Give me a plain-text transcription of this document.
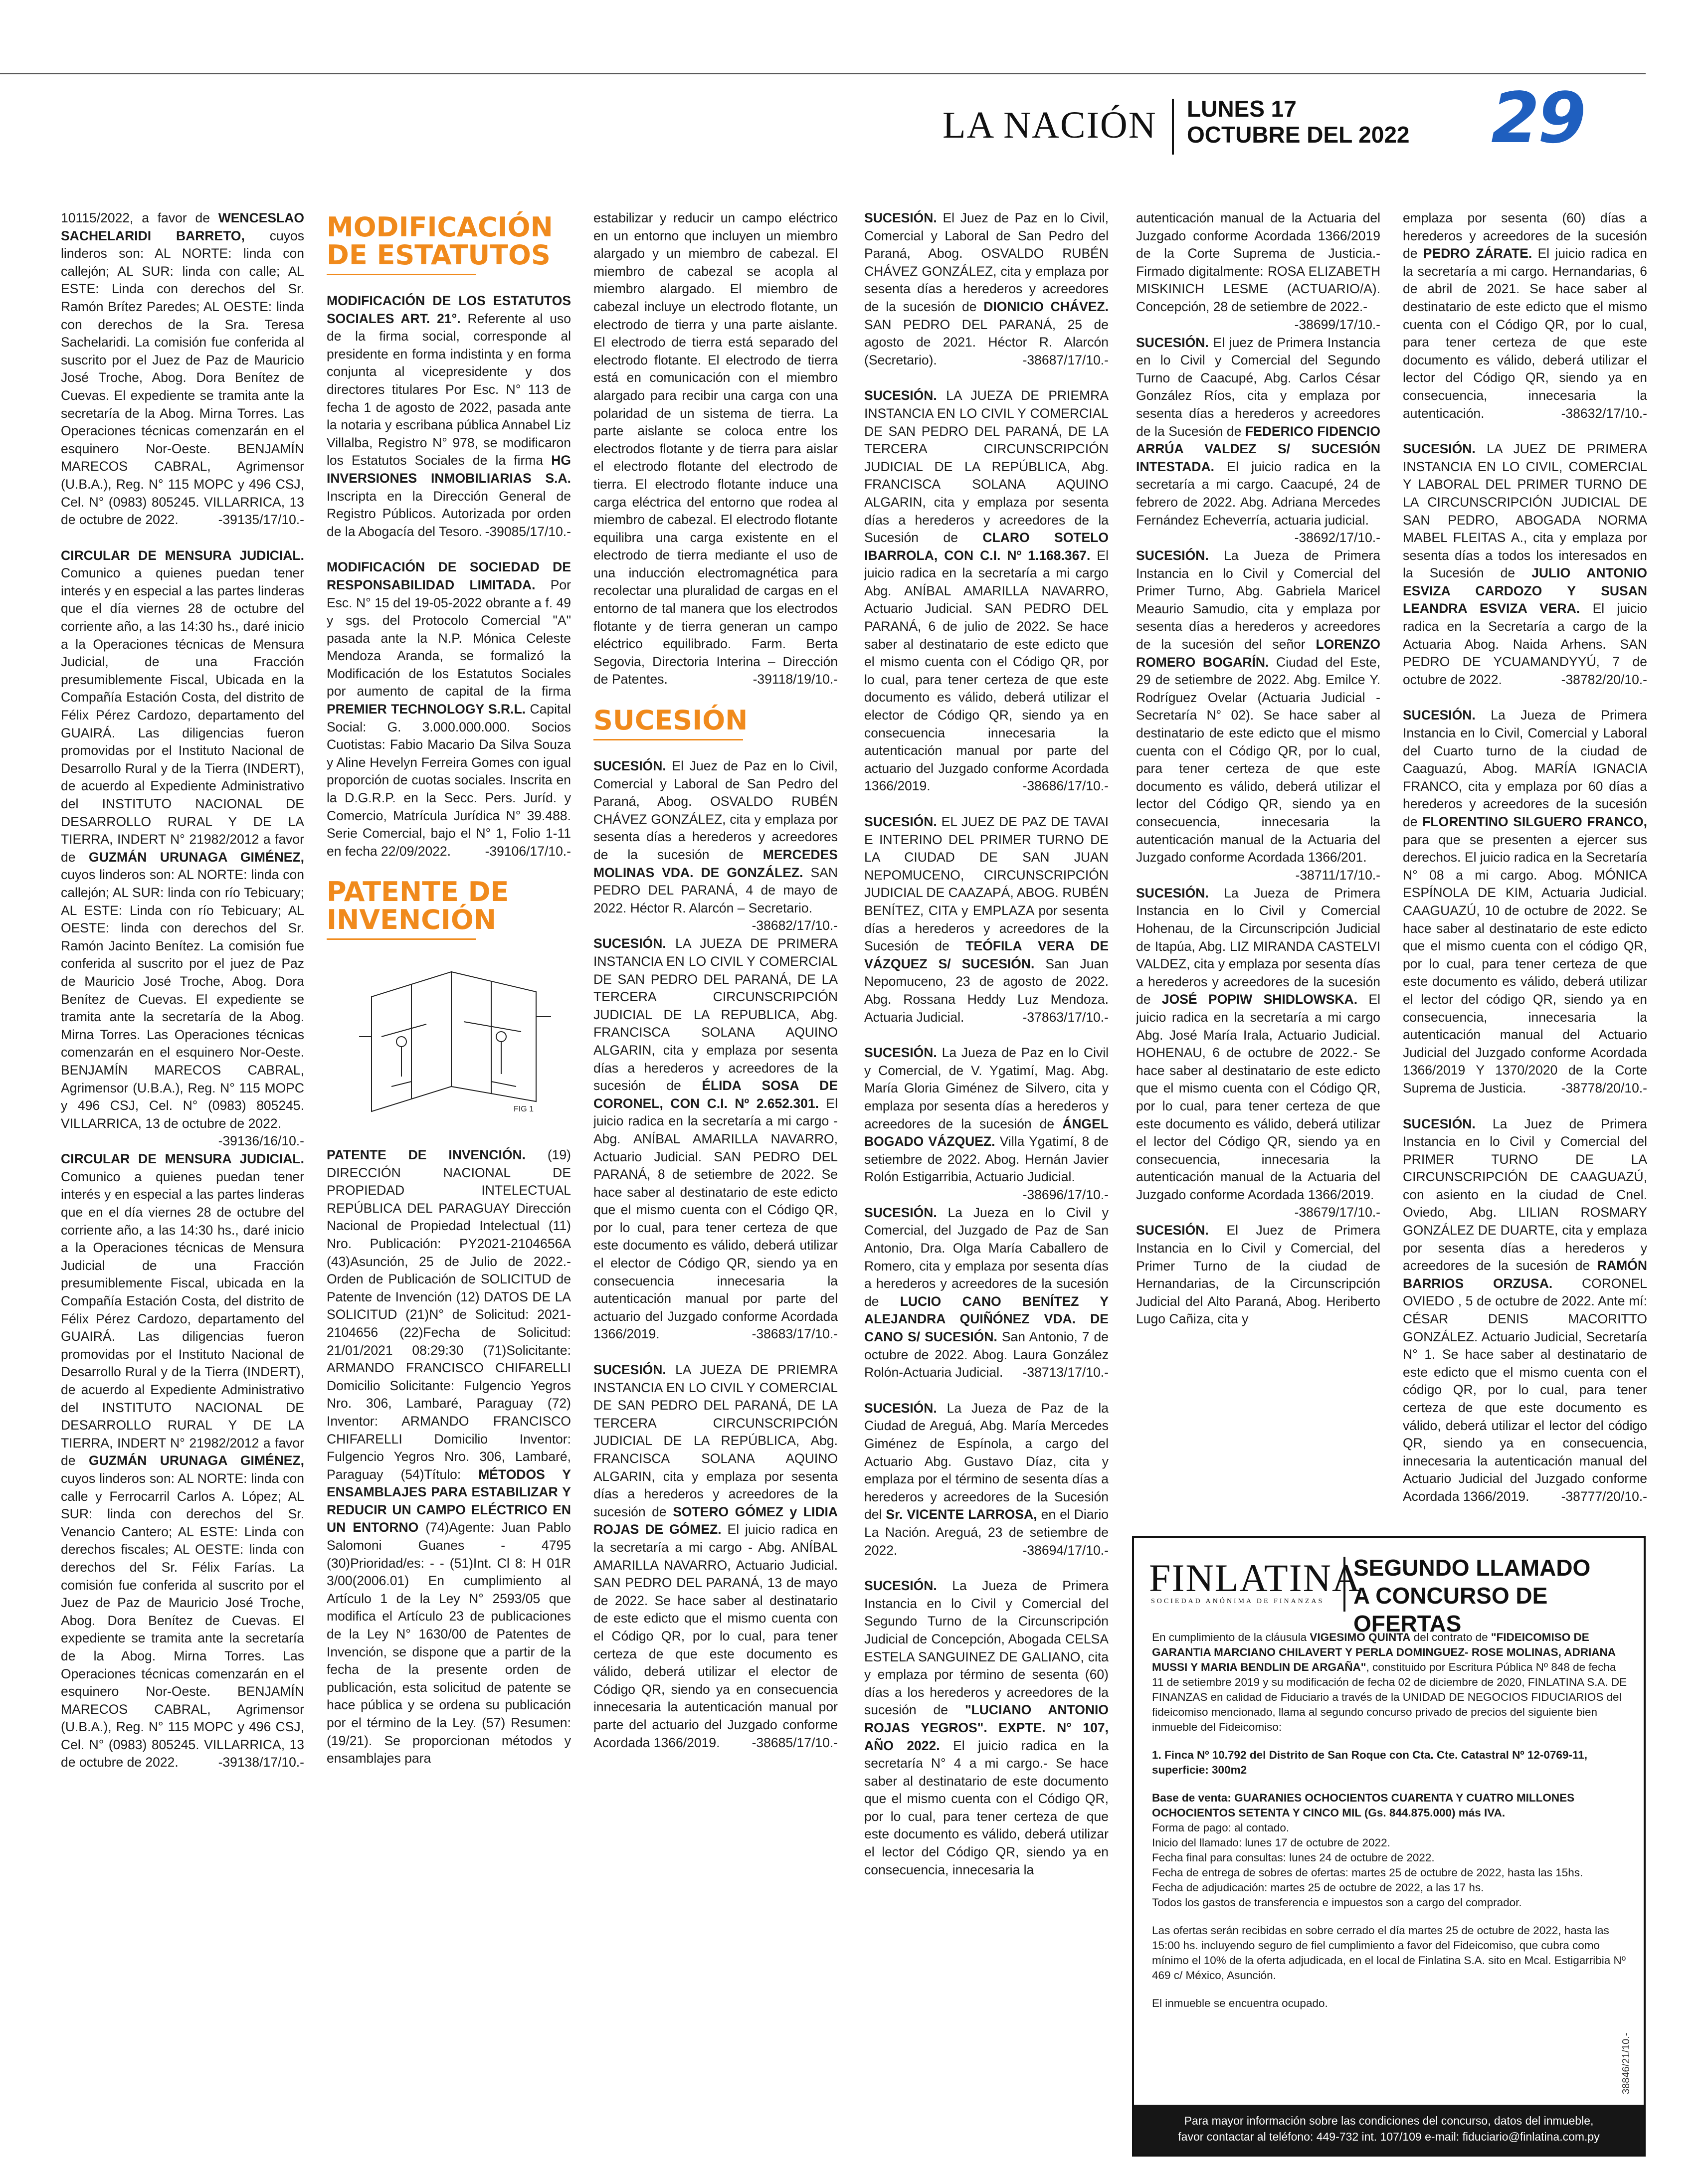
LA NACIÓN LUNES 17
OCTUBRE DEL 2022 29

10115/2022, a favor de WENCESLAO SACHELARIDI BARRETO, cuyos linderos son: AL NORTE: linda con callejón; AL SUR: linda con calle; AL ESTE: Linda con derechos del Sr. Ramón Brítez Paredes; AL OESTE: linda con derechos de la Sra. Teresa Sachelaridi. La comisión fue conferida al suscrito por el Juez de Paz de Mauricio José Troche, Abog. Dora Benítez de Cuevas. El expediente se tramita ante la secretaría de la Abog. Mirna Torres. Las Operaciones técnicas comenzarán en el esquinero Nor-Oeste. BENJAMÍN MARECOS CABRAL, Agrimensor (U.B.A.), Reg. N° 115 MOPC y 496 CSJ, Cel. N° (0983) 805245. VILLARRICA, 13 de octubre de 2022.	-39135/17/10.-

CIRCULAR DE MENSURA JUDICIAL. Comunico a quienes puedan tener interés y en especial a las partes linderas que el día viernes 28 de octubre del corriente año, a las 14:30 hs., daré inicio a la Operaciones técnicas de Mensura Judicial, de una Fracción presumiblemente Fiscal, Ubicada en la Compañía Estación Costa, del distrito de Félix Pérez Cardozo, departamento del GUAIRÁ. Las diligencias fueron promovidas por el Instituto Nacional de Desarrollo Rural y de la Tierra (INDERT), de acuerdo al Expediente Administrativo del INSTITUTO NACIONAL DE DESARROLLO RURAL Y DE LA TIERRA, INDERT N° 21982/2012 a favor de GUZMÁN URUNAGA GIMÉNEZ, cuyos linderos son: AL NORTE: linda con callejón; AL SUR: linda con río Tebicuary; AL ESTE: Linda con río Tebicuary; AL OESTE: linda con derechos del Sr. Ramón Jacinto Benítez. La comisión fue conferida al suscrito por el juez de Paz de Mauricio José Troche, Abog. Dora Benítez de Cuevas. El expediente se tramita ante la secretaría de la Abog. Mirna Torres. Las Operaciones técnicas comenzarán en el esquinero Nor-Oeste. BENJAMÍN MARECOS CABRAL, Agrimensor (U.B.A.), Reg. N° 115 MOPC y 496 CSJ, Cel. N° (0983) 805245. VILLARRICA, 13 de octubre de 2022.
-39136/16/10.-

CIRCULAR DE MENSURA JUDICIAL. Comunico a quienes puedan tener interés y en especial a las partes linderas que en el día viernes 28 de octubre del corriente año, a las 14:30 hs., daré inicio a la Operaciones técnicas de Mensura Judicial de una Fracción presumiblemente Fiscal, ubicada en la Compañía Estación Costa, del distrito de Félix Pérez Cardozo, departamento del GUAIRÁ. Las diligencias fueron promovidas por el Instituto Nacional de Desarrollo Rural y de la Tierra (INDERT), de acuerdo al Expediente Administrativo del INSTITUTO NACIONAL DE DESARROLLO RURAL Y DE LA TIERRA, INDERT N° 21982/2012 a favor de GUZMÁN URUNAGA GIMÉNEZ, cuyos linderos son: AL NORTE: linda con calle y Ferrocarril Carlos A. López; AL SUR: linda con derechos del Sr. Venancio Cantero; AL ESTE: Linda con derechos fiscales; AL OESTE: linda con derechos del Sr. Félix Farías. La comisión fue conferida al suscrito por el Juez de Paz de Mauricio José Troche, Abog. Dora Benítez de Cuevas. El expediente se tramita ante la secretaría de la Abog. Mirna Torres. Las Operaciones técnicas comenzarán en el esquinero Nor-Oeste. BENJAMÍN MARECOS CABRAL, Agrimensor (U.B.A.), Reg. N° 115 MOPC y 496 CSJ, Cel. N° (0983) 805245. VILLARRICA, 13 de octubre de 2022.	-39138/17/10.-

MODIFICACIÓN
DE ESTATUTOS

MODIFICACIÓN DE LOS ESTATUTOS SOCIALES ART. 21°. Referente al uso de la firma social, corresponde al presidente en forma indistinta y en forma conjunta al vicepresidente y dos directores titulares Por Esc. N° 113 de fecha 1 de agosto de 2022, pasada ante la notaria y escribana pública Annabel Liz Villalba, Registro N° 978, se modificaron los Estatutos Sociales de la firma HG INVERSIONES INMOBILIARIAS S.A. Inscripta en la Dirección General de Registro Públicos. Autorizada por orden de la Abogacía del Tesoro. -39085/17/10.-

MODIFICACIÓN DE SOCIEDAD DE RESPONSABILIDAD LIMITADA. Por Esc. N° 15 del 19-05-2022 obrante a f. 49 y sgs. del Protocolo Comercial "A" pasada ante la N.P. Mónica Celeste Mendoza Aranda, se formalizó la Modificación de los Estatutos Sociales por aumento de capital de la firma PREMIER TECHNOLOGY S.R.L. Capital Social: G. 3.000.000.000. Socios Cuotistas: Fabio Macario Da Silva Souza y Aline Hevelyn Ferreira Gomes con igual proporción de cuotas sociales. Inscrita en la D.G.R.P. en la Secc. Pers. Juríd. y Comercio, Matrícula Jurídica N° 39.488. Serie Comercial, bajo el N° 1, Folio 1-11 en fecha 22/09/2022.	-39106/17/10.-

PATENTE DE
INVENCIÓN
FIG 1

PATENTE DE INVENCIÓN. (19) DIRECCIÓN NACIONAL DE PROPIEDAD INTELECTUAL REPÚBLICA DEL PARAGUAY Dirección Nacional de Propiedad Intelectual (11) Nro. Publicación: PY2021-2104656A (43)Asunción, 25 de Julio de 2022.- Orden de Publicación de SOLICITUD de Patente de Invención (12) DATOS DE LA SOLICITUD (21)N° de Solicitud: 2021-2104656 (22)Fecha de Solicitud: 21/01/2021 08:29:30 (71)Solicitante: ARMANDO FRANCISCO CHIFARELLI Domicilio Solicitante: Fulgencio Yegros Nro. 306, Lambaré, Paraguay (72) Inventor: ARMANDO FRANCISCO CHIFARELLI Domicilio Inventor: Fulgencio Yegros Nro. 306, Lambaré, Paraguay (54)Título: MÉTODOS Y ENSAMBLAJES PARA ESTABILIZAR Y REDUCIR UN CAMPO ELÉCTRICO EN UN ENTORNO (74)Agente: Juan Pablo Salomoni Guanes - 4795 (30)Prioridad/es: - - (51)Int. Cl 8: H 01R 3/00(2006.01) En cumplimiento al Artículo 1 de la Ley N° 2593/05 que modifica el Artículo 23 de publicaciones de la Ley N° 1630/00 de Patentes de Invención, se dispone que a partir de la fecha de la presente orden de publicación, esta solicitud de patente se hace pública y se ordena su publicación por el término de la Ley. (57) Resumen: (19/21). Se proporcionan métodos y ensamblajes para

estabilizar y reducir un campo eléctrico en un entorno que incluyen un miembro alargado y un miembro de cabezal. El miembro de cabezal se acopla al miembro alargado. El miembro de cabezal incluye un electrodo flotante, un electrodo de tierra y una parte aislante. El electrodo de tierra está separado del electrodo flotante. El electrodo de tierra está en comunicación con el miembro alargado para recibir una carga con una polaridad de un sistema de tierra. La parte aislante se coloca entre los electrodos flotante y de tierra para aislar el electrodo flotante del electrodo de tierra. El electrodo flotante induce una carga eléctrica del entorno que rodea al miembro de cabezal. El electrodo flotante equilibra una carga existente en el electrodo de tierra mediante el uso de una inducción electromagnética para recolectar una pluralidad de cargas en el entorno de tal manera que los electrodos flotante y de tierra generan un campo eléctrico equilibrado. Farm. Berta Segovia, Directoria Interina – Dirección de Patentes.	-39118/19/10.-

SUCESIÓN

SUCESIÓN. El Juez de Paz en lo Civil, Comercial y Laboral de San Pedro del Paraná, Abog. OSVALDO RUBÉN CHÁVEZ GONZÁLEZ, cita y emplaza por sesenta días a herederos y acreedores de la sucesión de MERCEDES MOLINAS VDA. DE GONZÁLEZ. SAN PEDRO DEL PARANÁ, 4 de mayo de 2022. Héctor R. Alarcón – Secretario.
-38682/17/10.-

SUCESIÓN. LA JUEZA DE PRIMERA INSTANCIA EN LO CIVIL Y COMERCIAL DE SAN PEDRO DEL PARANÁ, DE LA TERCERA CIRCUNSCRIPCIÓN JUDICIAL DE LA REPUBLICA, Abg. FRANCISCA SOLANA AQUINO ALGARIN, cita y emplaza por sesenta días a herederos y acreedores de la sucesión de ÉLIDA SOSA DE CORONEL, CON C.I. Nº 2.652.301. El juicio radica en la secretaría a mi cargo - Abg. ANÍBAL AMARILLA NAVARRO, Actuario Judicial. SAN PEDRO DEL PARANÁ, 8 de setiembre de 2022. Se hace saber al destinatario de este edicto que el mismo cuenta con el Código QR, por lo cual, para tener certeza de que este documento es válido, deberá utilizar el elector de Código QR, siendo ya en consecuencia innecesaria la autenticación manual por parte del actuario del Juzgado conforme Acordada 1366/2019.	-38683/17/10.-

SUCESIÓN. LA JUEZA DE PRIEMRA INSTANCIA EN LO CIVIL Y COMERCIAL DE SAN PEDRO DEL PARANÁ, DE LA TERCERA CIRCUNSCRIPCIÓN JUDICIAL DE LA REPÚBLICA, Abg. FRANCISCA SOLANA AQUINO ALGARIN, cita y emplaza por sesenta días a herederos y acreedores de la sucesión de SOTERO GÓMEZ y LIDIA ROJAS DE GÓMEZ. El juicio radica en la secretaría a mi cargo - Abg. ANÍBAL AMARILLA NAVARRO, Actuario Judicial. SAN PEDRO DEL PARANÁ, 13 de mayo de 2022. Se hace saber al destinatario de este edicto que el mismo cuenta con el Código QR, por lo cual, para tener certeza de que este documento es válido, deberá utilizar el elector de Código QR, siendo ya en consecuencia innecesaria la autenticación manual por parte del actuario del Juzgado conforme Acordada 1366/2019. -38685/17/10.-

SUCESIÓN. El Juez de Paz en lo Civil, Comercial y Laboral de San Pedro del Paraná, Abog. OSVALDO RUBÉN CHÁVEZ GONZÁLEZ, cita y emplaza por sesenta días a herederos y acreedores de la sucesión de DIONICIO CHÁVEZ. SAN PEDRO DEL PARANÁ, 25 de agosto de 2021. Héctor R. Alarcón (Secretario).	-38687/17/10.-

SUCESIÓN. LA JUEZA DE PRIEMRA INSTANCIA EN LO CIVIL Y COMERCIAL DE SAN PEDRO DEL PARANÁ, DE LA TERCERA CIRCUNSCRIPCIÓN JUDICIAL DE LA REPÚBLICA, Abg. FRANCISCA SOLANA AQUINO ALGARIN, cita y emplaza por sesenta días a herederos y acreedores de la Sucesión de CLARO SOTELO IBARROLA, CON C.I. Nº 1.168.367. El juicio radica en la secretaría a mi cargo Abg. ANÍBAL AMARILLA NAVARRO, Actuario Judicial. SAN PEDRO DEL PARANÁ, 6 de julio de 2022. Se hace saber al destinatario de este edicto que el mismo cuenta con el Código QR, por lo cual, para tener certeza de que este documento es válido, deberá utilizar el elector de Código QR, siendo ya en consecuencia innecesaria la autenticación manual por parte del actuario del Juzgado conforme Acordada 1366/2019.	-38686/17/10.-

SUCESIÓN. EL JUEZ DE PAZ DE TAVAI E INTERINO DEL PRIMER TURNO DE LA CIUDAD DE SAN JUAN NEPOMUCENO, CIRCUNSCRIPCIÓN JUDICIAL DE CAAZAPÁ, ABOG. RUBÉN BENÍTEZ, CITA y EMPLAZA por sesenta días a herederos y acreedores de la Sucesión de TEÓFILA VERA DE VÁZQUEZ S/ SUCESIÓN. San Juan Nepomuceno, 23 de agosto de 2022. Abg. Rossana Heddy Luz Mendoza. Actuaria Judicial.	-37863/17/10.-

SUCESIÓN. La Jueza de Paz en lo Civil y Comercial, de V. Ygatimí, Mag. Abg. María Gloria Giménez de Silvero, cita y emplaza por sesenta días a herederos y acreedores de la sucesión de ÁNGEL BOGADO VÁZQUEZ. Villa Ygatimí, 8 de setiembre de 2022. Abog. Hernán Javier Rolón Estigarribia, Actuario Judicial.
-38696/17/10.-

SUCESIÓN. La Jueza en lo Civil y Comercial, del Juzgado de Paz de San Antonio, Dra. Olga María Caballero de Romero, cita y emplaza por sesenta días a herederos y acreedores de la sucesión de LUCIO CANO BENÍTEZ Y ALEJANDRA QUIÑÓNEZ VDA. DE CANO S/ SUCESIÓN. San Antonio, 7 de octubre de 2022. Abog. Laura González Rolón-Actuaria Judicial. -38713/17/10.-

SUCESIÓN. La Jueza de Paz de la Ciudad de Areguá, Abg. María Mercedes Giménez de Espínola, a cargo del Actuario Abg. Gustavo Díaz, cita y emplaza por el término de sesenta días a herederos y acreedores de la Sucesión del Sr. VICENTE LARROSA, en el Diario La Nación. Areguá, 23 de setiembre de 2022.	-38694/17/10.-

SUCESIÓN. La Jueza de Primera Instancia en lo Civil y Comercial del Segundo Turno de la Circunscripción Judicial de Concepción, Abogada CELSA ESTELA SANGUINEZ DE GALIANO, cita y emplaza por término de sesenta (60) días a los herederos y acreedores de la sucesión de "LUCIANO ANTONIO ROJAS YEGROS". EXPTE. N° 107, AÑO 2022. El juicio radica en la secretaría N° 4 a mi cargo.- Se hace saber al destinatario de este documento que el mismo cuenta con el Código QR, por lo cual, para tener certeza de que este documento es válido, deberá utilizar el lector del Código QR, siendo ya en consecuencia, innecesaria la

autenticación manual de la Actuaria del Juzgado conforme Acordada 1366/2019 de la Corte Suprema de Justicia.- Firmado digitalmente: ROSA ELIZABETH MISKINICH LESME (ACTUARIO/A). Concepción, 28 de setiembre de 2022.-
-38699/17/10.-

SUCESIÓN. El juez de Primera Instancia en lo Civil y Comercial del Segundo Turno de Caacupé, Abg. Carlos César González Ríos, cita y emplaza por sesenta días a herederos y acreedores de la Sucesión de FEDERICO FIDENCIO ARRÚA VALDEZ S/ SUCESIÓN INTESTADA. El juicio radica en la secretaría a mi cargo. Caacupé, 24 de febrero de 2022. Abg. Adriana Mercedes Fernández Echeverría, actuaria judicial.
-38692/17/10.-

SUCESIÓN. La Jueza de Primera Instancia en lo Civil y Comercial del Primer Turno, Abg. Gabriela Maricel Meaurio Samudio, cita y emplaza por sesenta días a herederos y acreedores de la sucesión del señor LORENZO ROMERO BOGARÍN. Ciudad del Este, 29 de setiembre de 2022. Abg. Emilce Y. Rodríguez Ovelar (Actuaria Judicial - Secretaría N° 02). Se hace saber al destinatario de este edicto que el mismo cuenta con el Código QR, por lo cual, para tener certeza de que este documento es válido, deberá utilizar el lector del Código QR, siendo ya en consecuencia, innecesaria la autenticación manual de la Actuaria del Juzgado conforme Acordada 1366/201.
-38711/17/10.-

SUCESIÓN. La Jueza de Primera Instancia en lo Civil y Comercial Hohenau, de la Circunscripción Judicial de Itapúa, Abg. LIZ MIRANDA CASTELVI VALDEZ, cita y emplaza por sesenta días a herederos y acreedores de la sucesión de JOSÉ POPIW SHIDLOWSKA. El juicio radica en la secretaría a mi cargo Abg. José María Irala, Actuario Judicial. HOHENAU, 6 de octubre de 2022.- Se hace saber al destinatario de este edicto que el mismo cuenta con el Código QR, por lo cual, para tener certeza de que este documento es válido, deberá utilizar el lector del Código QR, siendo ya en consecuencia, innecesaria la autenticación manual de la Actuaria del Juzgado conforme Acordada 1366/2019.
-38679/17/10.-

SUCESIÓN. El Juez de Primera Instancia en lo Civil y Comercial, del Primer Turno de la ciudad de Hernandarias, de la Circunscripción Judicial del Alto Paraná, Abog. Heriberto Lugo Cañiza, cita y

emplaza por sesenta (60) días a herederos y acreedores de la sucesión de PEDRO ZÁRATE. El juicio radica en la secretaría a mi cargo. Hernandarias, 6 de abril de 2021. Se hace saber al destinatario de este edicto que el mismo cuenta con el Código QR, por lo cual, para tener certeza de que este documento es válido, deberá utilizar el lector del Código QR, siendo ya en consecuencia, innecesaria la autenticación.	-38632/17/10.-

SUCESIÓN. LA JUEZ DE PRIMERA INSTANCIA EN LO CIVIL, COMERCIAL Y LABORAL DEL PRIMER TURNO DE LA CIRCUNSCRIPCIÓN JUDICIAL DE SAN PEDRO, ABOGADA NORMA MABEL FLEITAS A., cita y emplaza por sesenta días a todos los interesados en la Sucesión de JULIO ANTONIO ESVIZA CARDOZO Y SUSAN LEANDRA ESVIZA VERA. El juicio radica en la Secretaría a cargo de la Actuaria Abog. Naida Arhens. SAN PEDRO DE YCUAMANDYYÚ, 7 de octubre de 2022.	-38782/20/10.-

SUCESIÓN. La Jueza de Primera Instancia en lo Civil, Comercial y Laboral del Cuarto turno de la ciudad de Caaguazú, Abog. MARÍA IGNACIA FRANCO, cita y emplaza por 60 días a herederos y acreedores de la sucesión de FLORENTINO SILGUERO FRANCO, para que se presenten a ejercer sus derechos. El juicio radica en la Secretaría N° 08 a mi cargo. Abog. MÓNICA ESPÍNOLA DE KIM, Actuaria Judicial. CAAGUAZÚ, 10 de octubre de 2022. Se hace saber al destinatario de este edicto que el mismo cuenta con el código QR, por lo cual, para tener certeza de que este documento es válido, deberá utilizar el lector del código QR, siendo ya en consecuencia, innecesaria la autenticación manual del Actuario Judicial del Juzgado conforme Acordada 1366/2019 Y 1370/2020 de la Corte Suprema de Justicia.	-38778/20/10.-

SUCESIÓN. La Juez de Primera Instancia en lo Civil y Comercial del PRIMER TURNO DE LA CIRCUNSCRIPCIÓN DE CAAGUAZÚ, con asiento en la ciudad de Cnel. Oviedo, Abg. LILIAN ROSMARY GONZÁLEZ DE DUARTE, cita y emplaza por sesenta días a herederos y acreedores de la sucesión de RAMÓN BARRIOS ORZUSA. CORONEL OVIEDO , 5 de octubre de 2022. Ante mí: CÉSAR DENIS MACORITTO GONZÁLEZ. Actuario Judicial, Secretaría N° 1. Se hace saber al destinatario de este edicto que el mismo cuenta con el código QR, por lo cual, para tener certeza de que este documento es válido, deberá utilizar el lector del código QR, siendo ya en consecuencia, innecesaria la autenticación manual del Actuario Judicial del Juzgado conforme Acordada 1366/2019. -38777/20/10.-

FINLATINA
SOCIEDAD ANÓNIMA DE FINANZAS
SEGUNDO LLAMADO
A CONCURSO DE OFERTAS

En cumplimiento de la cláusula VIGESIMO QUINTA del contrato de "FIDEICOMISO DE GARANTIA MARCIANO CHILAVERT Y PERLA DOMINGUEZ- ROSE MOLINAS, ADRIANA MUSSI Y MARIA BENDLIN DE ARGAÑA", constituido por Escritura Pública Nº 848 de fecha 11 de setiembre 2019 y su modificación de fecha 02 de diciembre de 2020, FINLATINA S.A. DE FINANZAS en calidad de Fiduciario a través de la UNIDAD DE NEGOCIOS FIDUCIARIOS del fideicomiso mencionado, llama al segundo concurso privado de precios del siguiente bien inmueble del Fideicomiso:

1. Finca Nº 10.792 del Distrito de San Roque con Cta. Cte. Catastral Nº 12-0769-11, superficie: 300m2

Base de venta: GUARANIES OCHOCIENTOS CUARENTA Y CUATRO MILLONES OCHOCIENTOS SETENTA Y CINCO MIL (Gs. 844.875.000) más IVA.

Forma de pago: al contado.
Inicio del llamado: lunes 17 de octubre de 2022.
Fecha final para consultas: lunes 24 de octubre de 2022.
Fecha de entrega de sobres de ofertas: martes 25 de octubre de 2022, hasta las 15hs.
Fecha de adjudicación: martes 25 de octubre de 2022, a las 17 hs.
Todos los gastos de transferencia e impuestos son a cargo del comprador.

Las ofertas serán recibidas en sobre cerrado el día martes 25 de octubre de 2022, hasta las 15:00 hs. incluyendo seguro de fiel cumplimiento a favor del Fideicomiso, que cubra como mínimo el 10% de la oferta adjudicada, en el local de Finlatina S.A. sito en Mcal. Estigarribia Nº 469 c/ México, Asunción.

El inmueble se encuentra ocupado.

Para mayor información sobre las condiciones del concurso, datos del inmueble,
favor contactar al teléfono: 449-732 int. 107/109 e-mail: fiduciario@finlatina.com.py
38846/21/10.-
